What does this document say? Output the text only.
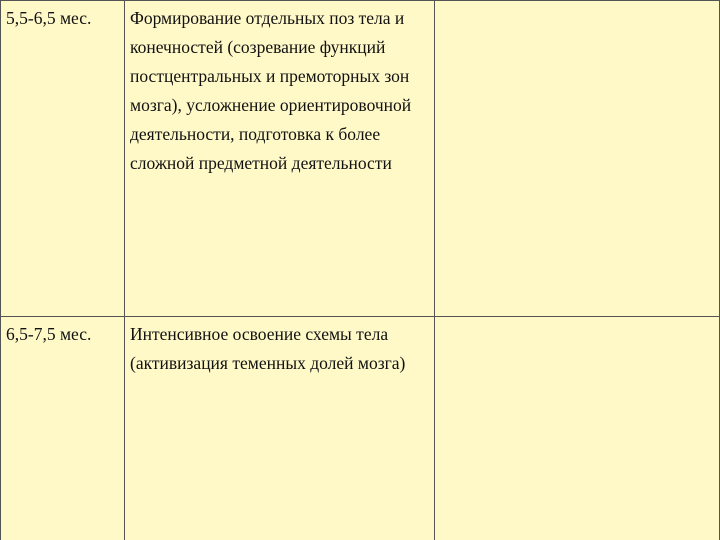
5,5-6,5 мес.	Формирование отдельных поз тела и конечностей (созревание функций постцентральных и премоторных зон мозга), усложнение ориентировочной деятельности, подготовка к более сложной предметной деятельности	

6,5-7,5 мес.	Интенсивное освоение схемы тела (активизация теменных долей мозга)	
